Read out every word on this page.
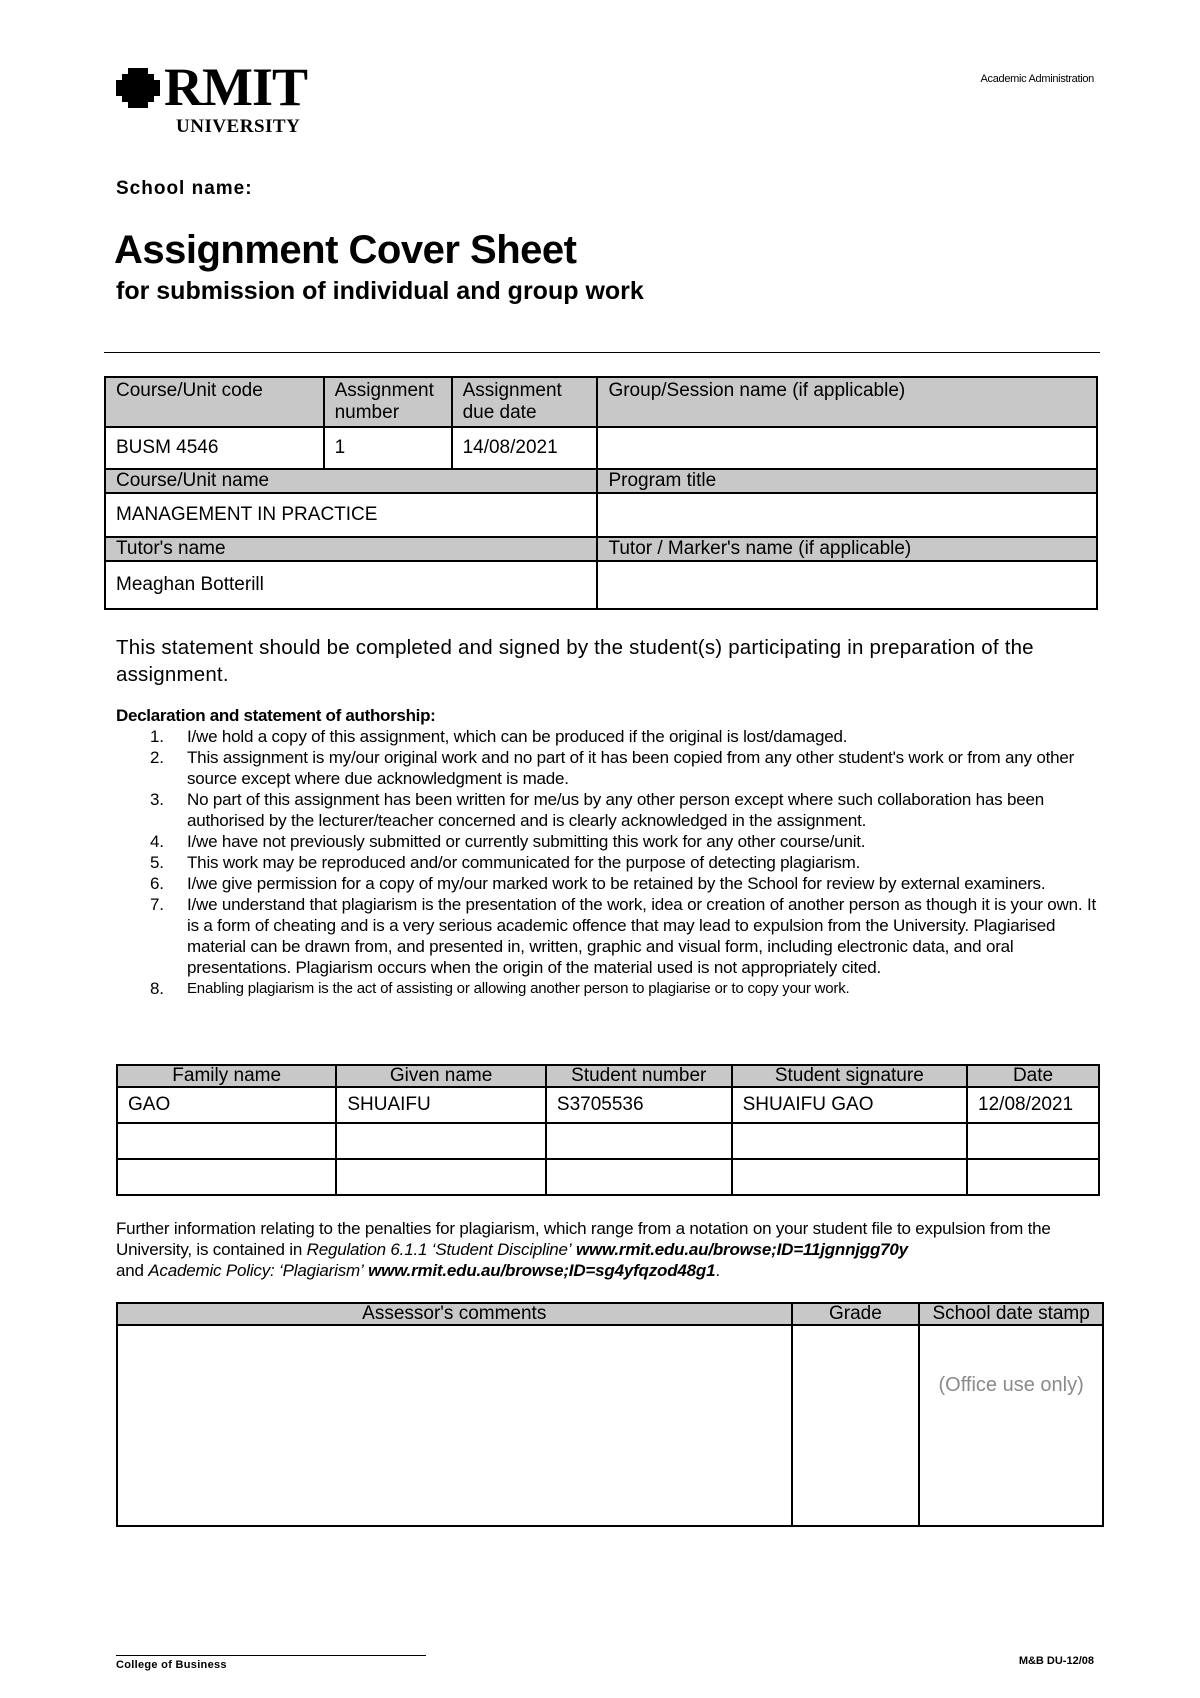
RMIT
UNIVERSITY
Academic Administration
School name:
Assignment Cover Sheet
for submission of individual and group work
Course/Unit code	Assignment number	Assignment due date	Group/Session name (if applicable)
BUSM 4546	1	14/08/2021	
Course/Unit name			Program title
MANAGEMENT IN PRACTICE			
Tutor's name			Tutor / Marker's name (if applicable)
Meaghan Botterill			
This statement should be completed and signed by the student(s) participating in preparation of the assignment.
Declaration and statement of authorship:
1.	I/we hold a copy of this assignment, which can be produced if the original is lost/damaged.
2.	This assignment is my/our original work and no part of it has been copied from any other student's work or from any other source except where due acknowledgment is made.
3.	No part of this assignment has been written for me/us by any other person except where such collaboration has been authorised by the lecturer/teacher concerned and is clearly acknowledged in the assignment.
4.	I/we have not previously submitted or currently submitting this work for any other course/unit.
5.	This work may be reproduced and/or communicated for the purpose of detecting plagiarism.
6.	I/we give permission for a copy of my/our marked work to be retained by the School for review by external examiners.
7.	I/we understand that plagiarism is the presentation of the work, idea or creation of another person as though it is your own. It is a form of cheating and is a very serious academic offence that may lead to expulsion from the University. Plagiarised material can be drawn from, and presented in, written, graphic and visual form, including electronic data, and oral presentations. Plagiarism occurs when the origin of the material used is not appropriately cited.
8.	Enabling plagiarism is the act of assisting or allowing another person to plagiarise or to copy your work.
Family name	Given name	Student number	Student signature	Date
GAO	SHUAIFU	S3705536	SHUAIFU GAO	12/08/2021

Further information relating to the penalties for plagiarism, which range from a notation on your student file to expulsion from the University, is contained in Regulation 6.1.1 ‘Student Discipline’ www.rmit.edu.au/browse;ID=11jgnnjgg70y
and Academic Policy: ‘Plagiarism’ www.rmit.edu.au/browse;ID=sg4yfqzod48g1.
Assessor's comments	Grade	School date stamp
		(Office use only)
College of Business	M&B DU-12/08
